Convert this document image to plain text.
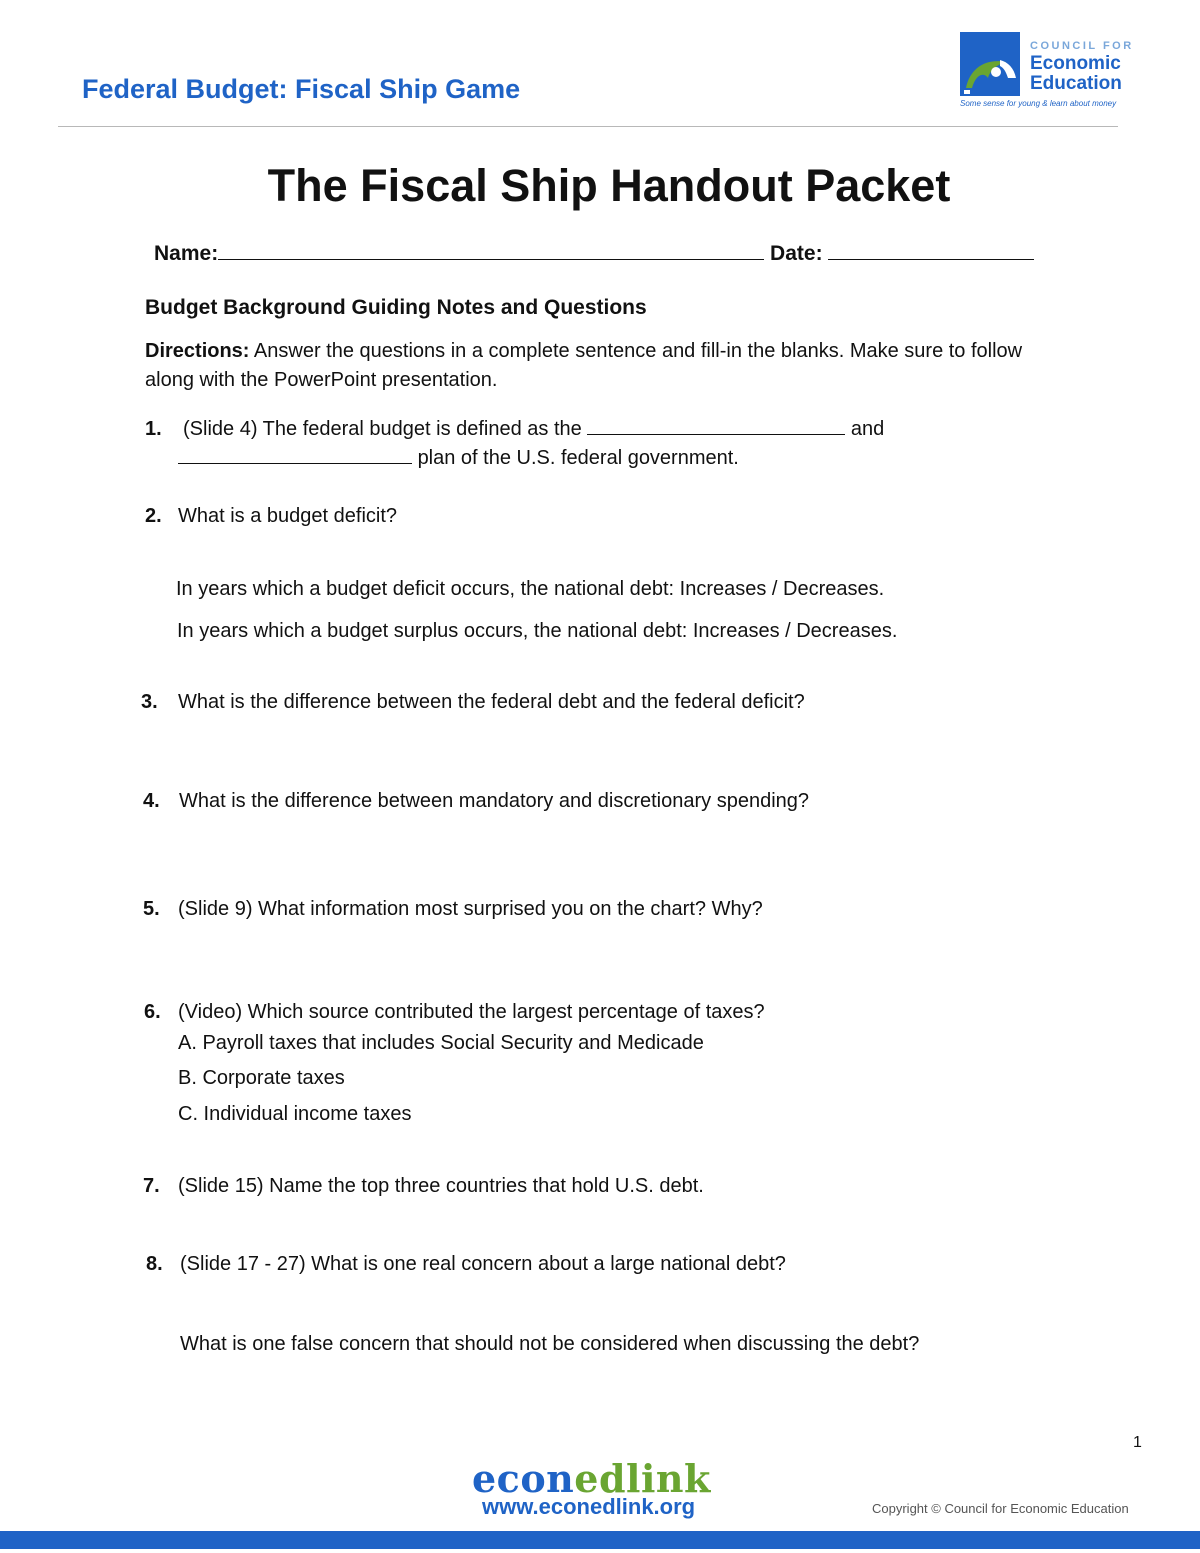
Federal Budget: Fiscal Ship Game
COUNCIL FOR
Economic
Education
Some sense for young & learn about money
The Fiscal Ship Handout Packet
Name:	Date:
Budget Background Guiding Notes and Questions
Directions: Answer the questions in a complete sentence and fill-in the blanks. Make sure to follow along with the PowerPoint presentation.
1. (Slide 4) The federal budget is defined as the	and
plan of the U.S. federal government.
2. What is a budget deficit?
In years which a budget deficit occurs, the national debt: Increases / Decreases.
In years which a budget surplus occurs, the national debt: Increases / Decreases.
3. What is the difference between the federal debt and the federal deficit?
4. What is the difference between mandatory and discretionary spending?
5. (Slide 9) What information most surprised you on the chart? Why?
6. (Video) Which source contributed the largest percentage of taxes?
A. Payroll taxes that includes Social Security and Medicade
B. Corporate taxes
C. Individual income taxes
7. (Slide 15) Name the top three countries that hold U.S. debt.
8. (Slide 17 - 27) What is one real concern about a large national debt?
What is one false concern that should not be considered when discussing the debt?
1
econedlink
www.econedlink.org	Copyright © Council for Economic Education
